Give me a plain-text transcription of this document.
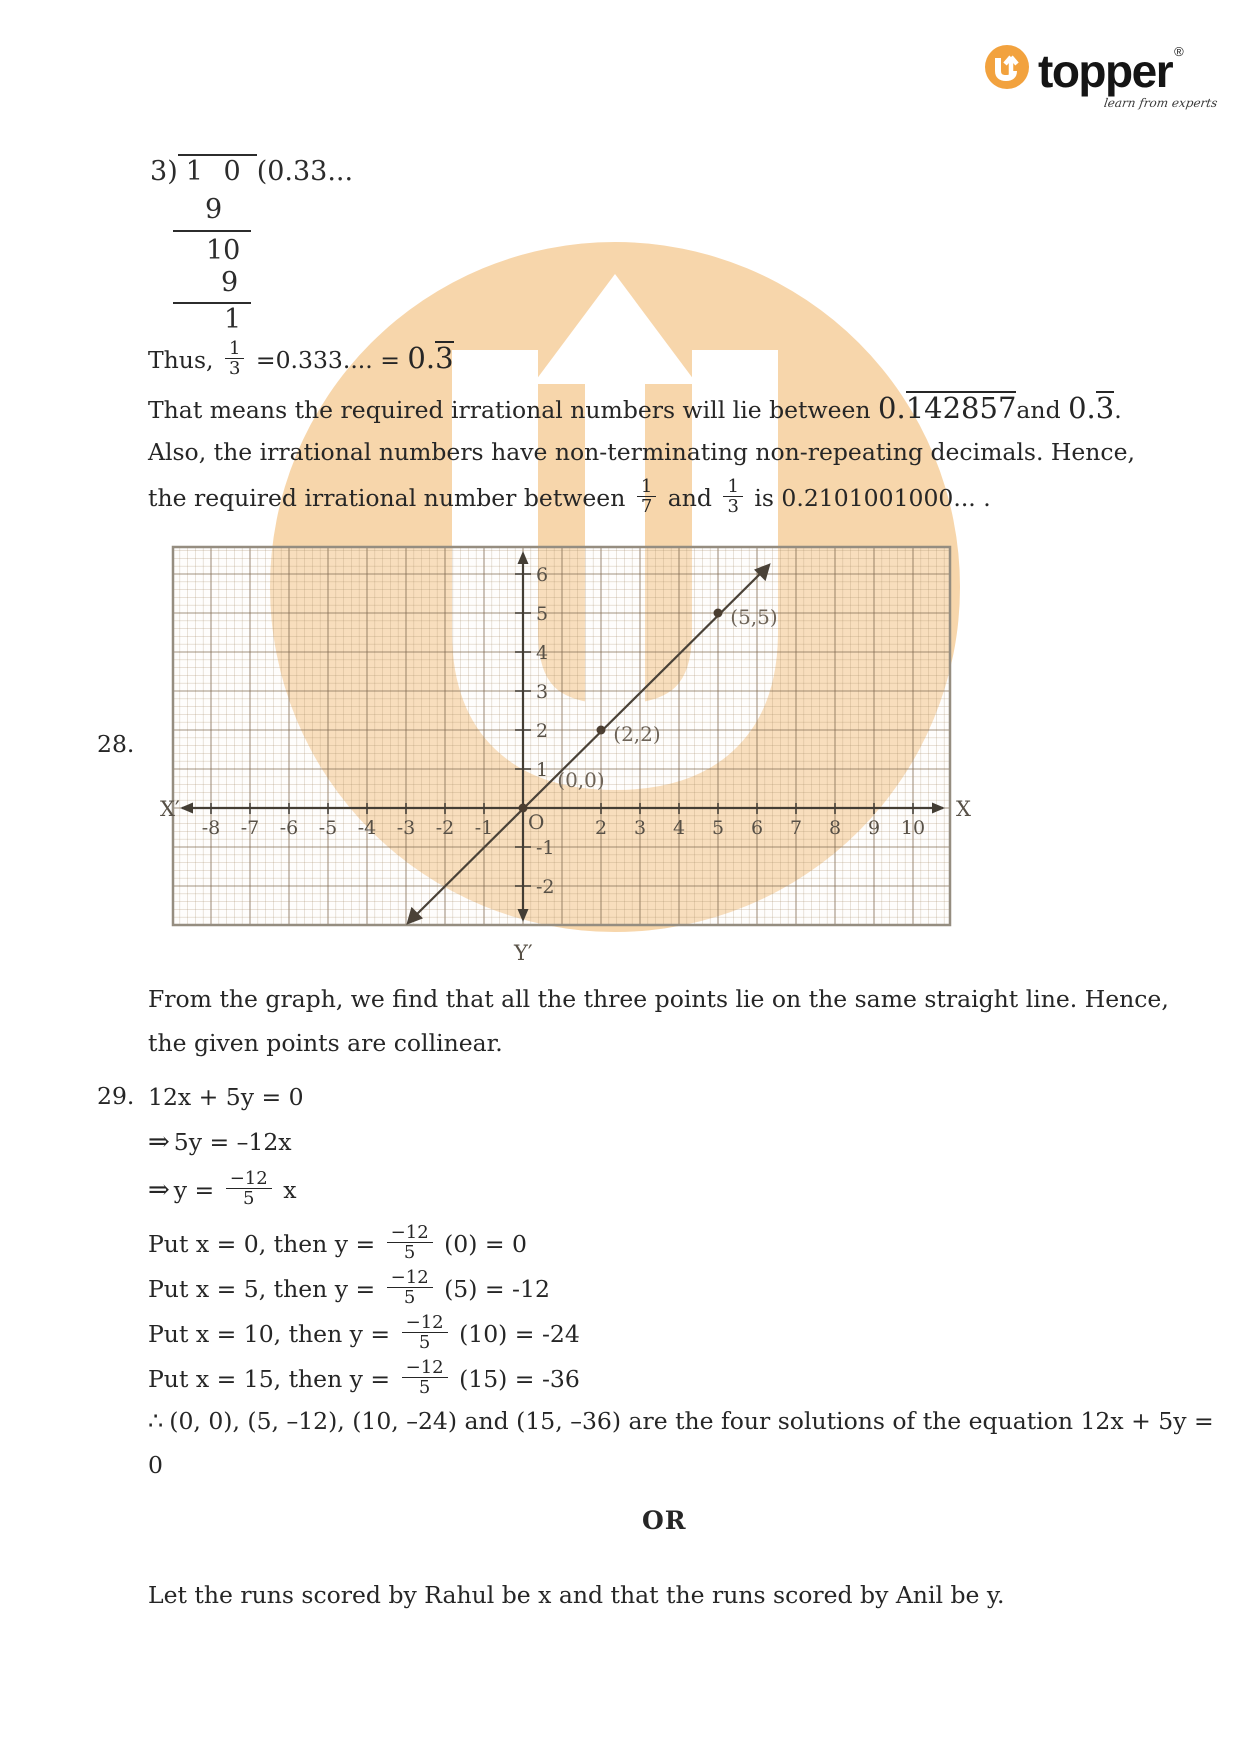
topper ®
learn from experts
3) 1 0 (0.33...
9
10
9
1
Thus, $\frac{1}{3} =0.333$.... = 0.3
That means the required irrational numbers will lie between 0.142857and 0.3.
Also, the irrational numbers have non-terminating non-repeating decimals. Hence,
the required irrational number between $\frac{1}{7}$ and $\frac{1}{3}$ is 0.2101001000... .
28.
-8 -7 -6 -5 -4 -3 -2 -1	2 3 4 5 6 7 8 9 10
6
5
4
3
2
1
-1
-2
(0,0)
(2,2)
(5,5)
X
X′
Y′
O
From the graph, we find that all the three points lie on the same straight line. Hence,
the given points are collinear.
29. 12x + 5y = 0
⇒ 5y = –12x
⇒ $y = \frac{-12}{5}$ x
Put x = 0, then $y = \frac{-12}{5} (0) = 0$
Put x = 5, then $y = \frac{-12}{5} (5) = -12$
Put x = 10, then $y = \frac{-12}{5} (10) = -24$
Put x = 15, then $y = \frac{-12}{5} (15) = -36$
∴ (0, 0), (5, –12), (10, –24) and (15, –36) are the four solutions of the equation 12x + 5y =
0
OR
Let the runs scored by Rahul be x and that the runs scored by Anil be y.
